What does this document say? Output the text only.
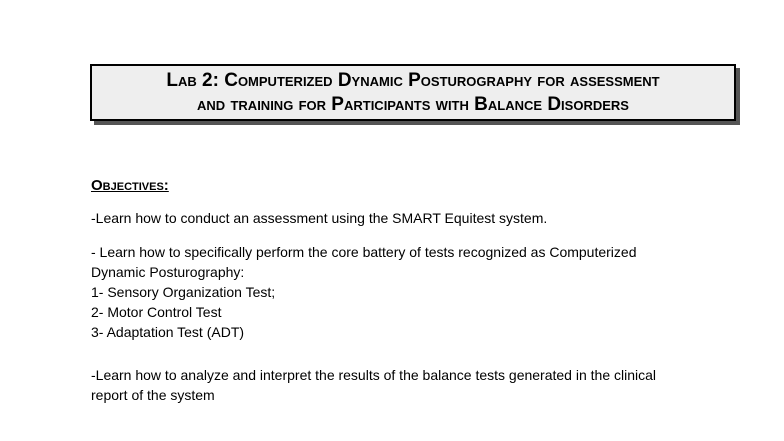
Lab 2: Computerized Dynamic Posturography for assessment
and training for Participants with Balance Disorders
Objectives:
-Learn how to conduct an assessment using the SMART Equitest system.
- Learn how to specifically perform the core battery of tests recognized as Computerized
Dynamic Posturography:
1- Sensory Organization Test;
2- Motor Control Test
3- Adaptation Test (ADT)
-Learn how to analyze and interpret the results of the balance tests generated in the clinical
report of the system
